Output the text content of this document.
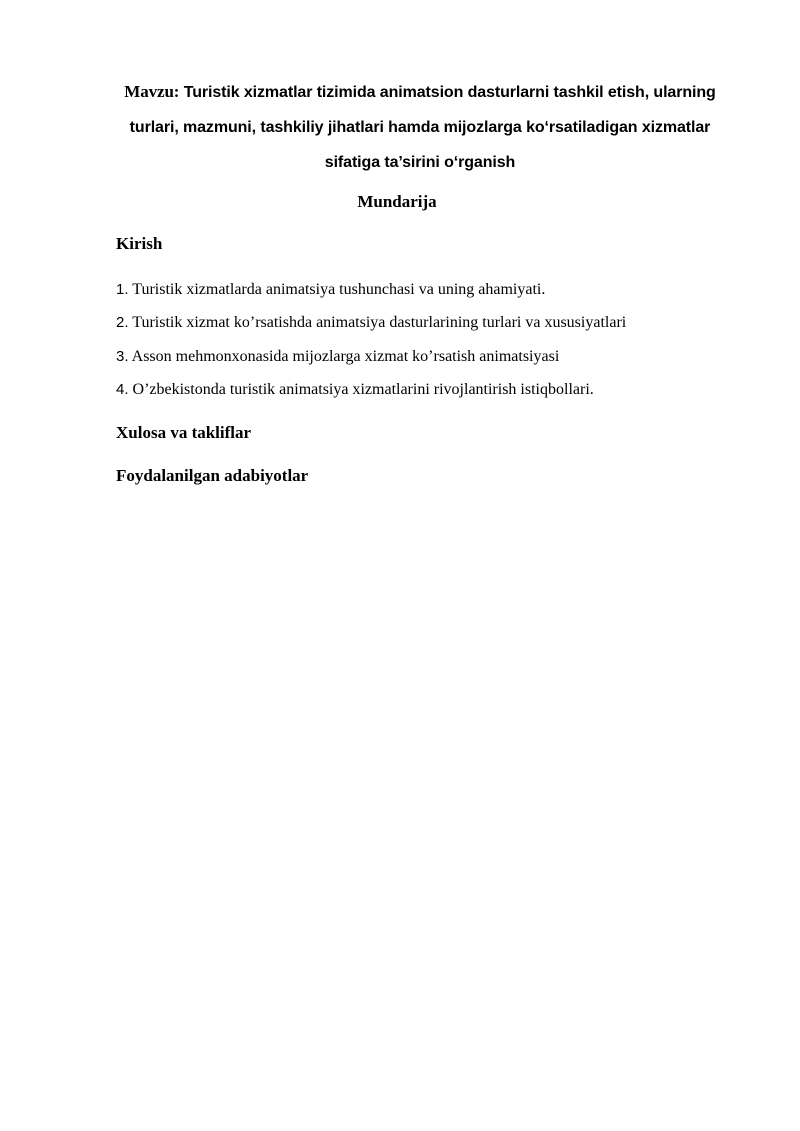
Mavzu: Turistik xizmatlar tizimida animatsion dasturlarni tashkil etish, ularning turlari, mazmuni, tashkiliy jihatlari hamda mijozlarga ko‘rsatiladigan xizmatlar sifatiga ta’sirini o‘rganish
Mundarija
Kirish
1. Turistik xizmatlarda animatsiya tushunchasi va uning ahamiyati.
2. Turistik xizmat ko’rsatishda animatsiya dasturlarining turlari va xususiyatlari
3. Asson mehmonxonasida mijozlarga xizmat ko’rsatish animatsiyasi
4. O’zbekistonda turistik animatsiya xizmatlarini rivojlantirish istiqbollari.
Xulosa va takliflar
Foydalanilgan adabiyotlar
